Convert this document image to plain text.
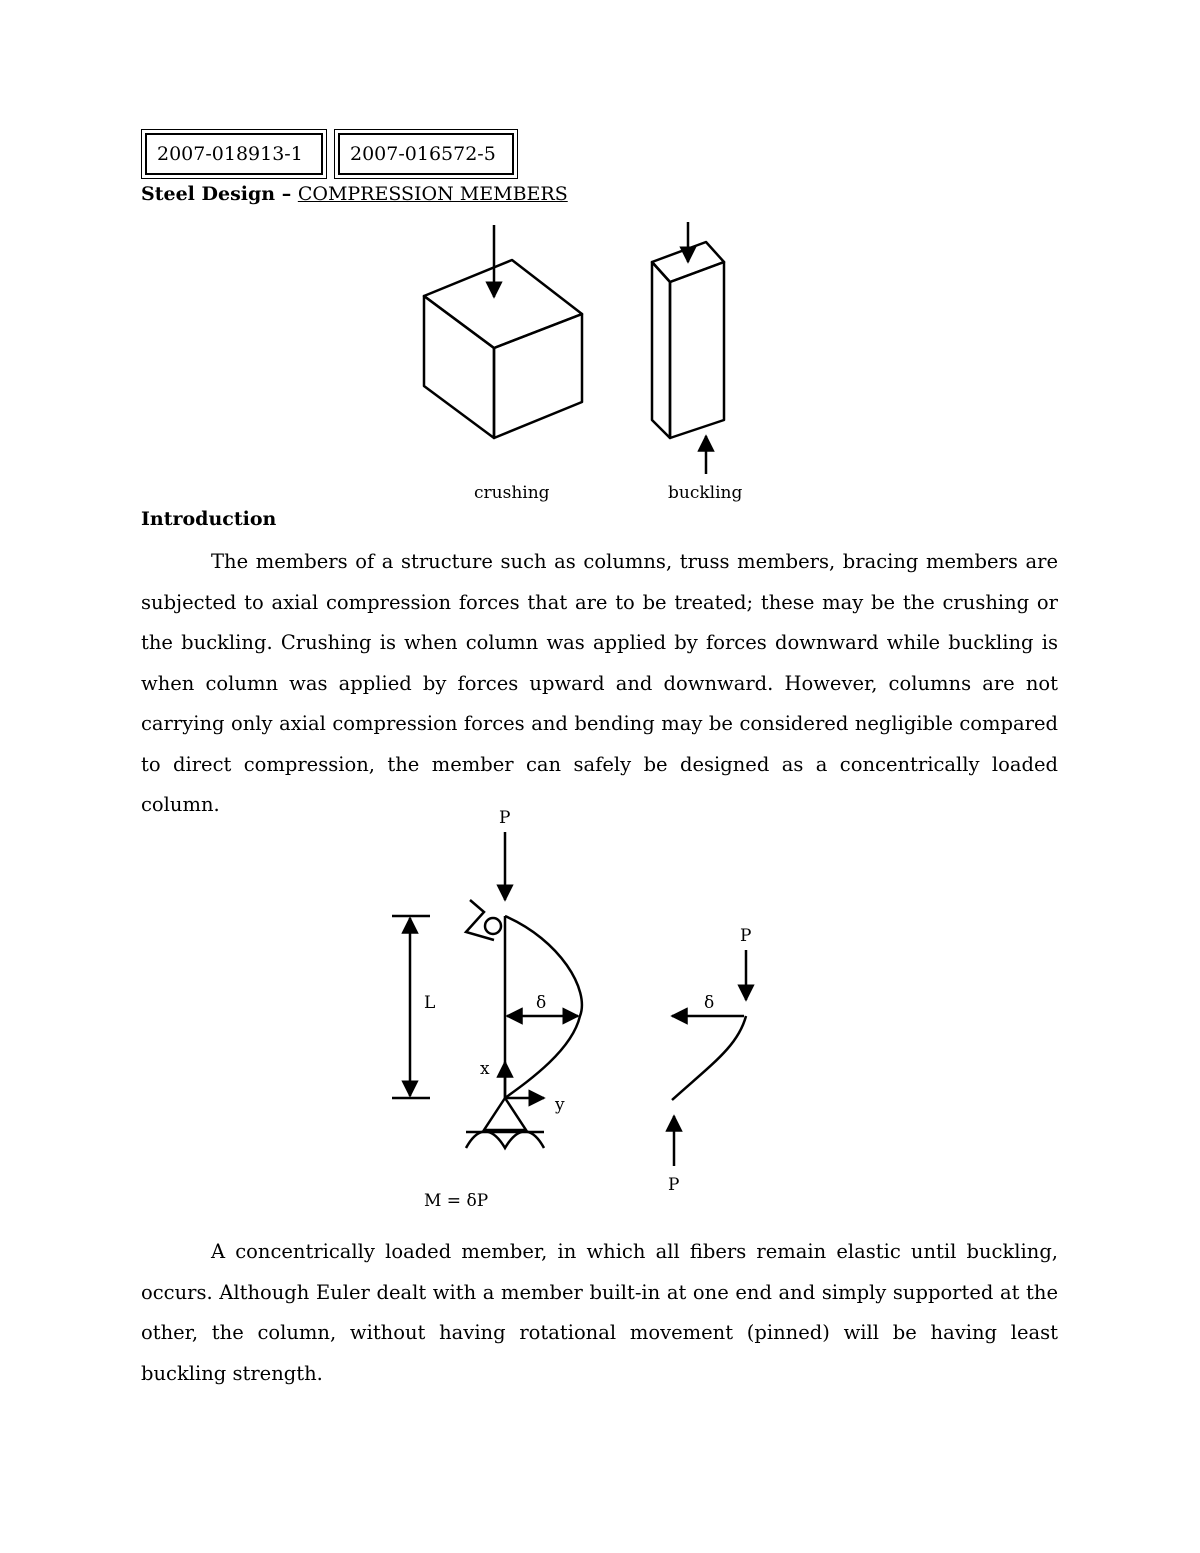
2007-018913-1	2007-016572-5
Steel Design – COMPRESSION MEMBERS
crushing	buckling
Introduction

The members of a structure such as columns, truss members, bracing members are subjected to axial compression forces that are to be treated; these may be the crushing or the buckling. Crushing is when column was applied by forces downward while buckling is when column was applied by forces upward and downward. However, columns are not carrying only axial compression forces and bending may be considered negligible compared to direct compression, the member can safely be designed as a concentrically loaded column.

P
L	δ
x
y
M = δP
P
δ
P

A concentrically loaded member, in which all fibers remain elastic until buckling, occurs. Although Euler dealt with a member built-in at one end and simply supported at the other, the column, without having rotational movement (pinned) will be having least buckling strength.
